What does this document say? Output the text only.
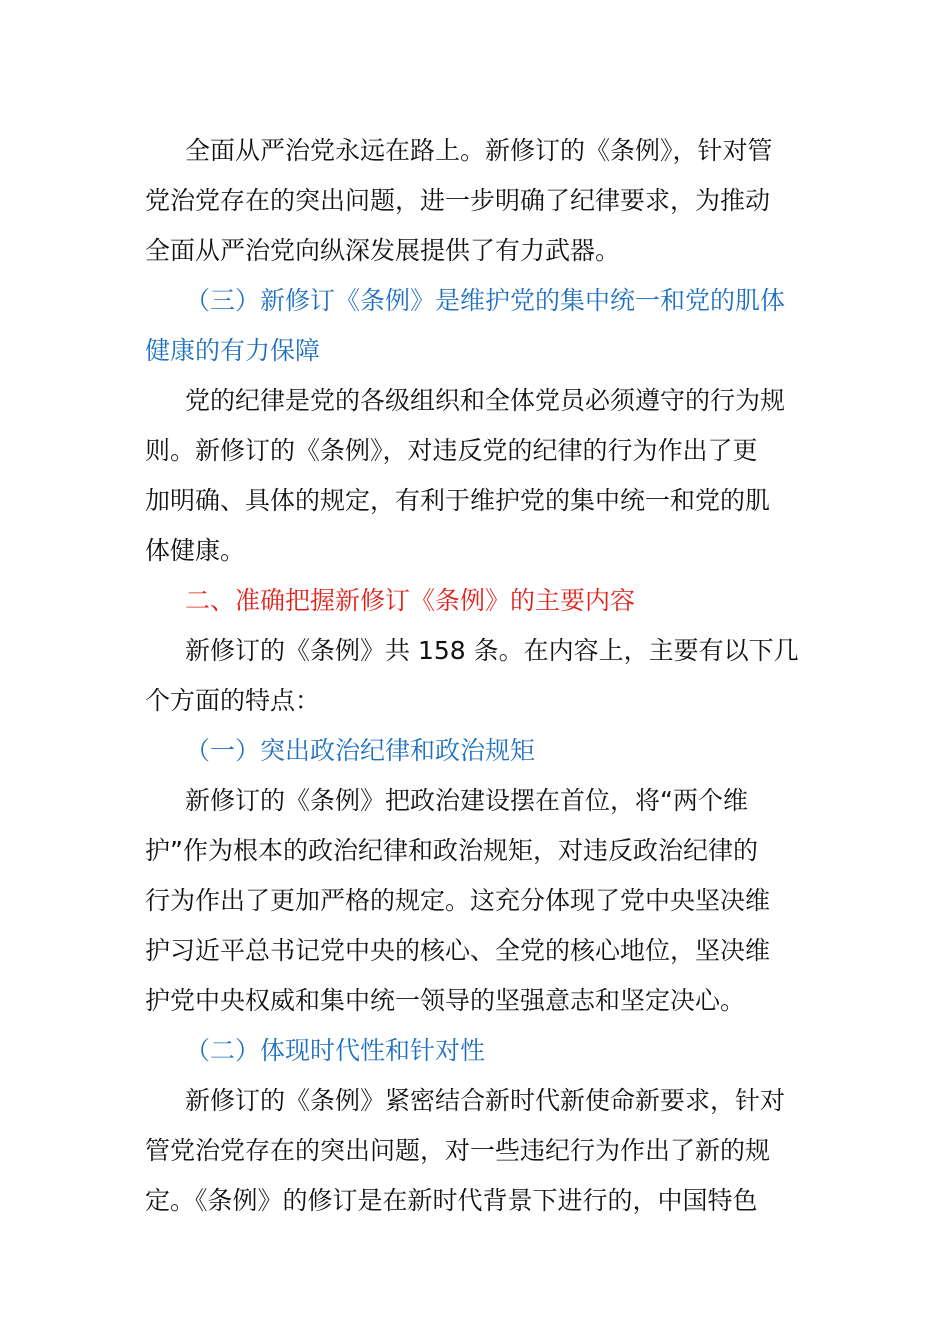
全面从严治党永远在路上。新修订的《条例》，针对管
党治党存在的突出问题，进一步明确了纪律要求，为推动
全面从严治党向纵深发展提供了有力武器。
（三）新修订《条例》是维护党的集中统一和党的肌体
健康的有力保障
党的纪律是党的各级组织和全体党员必须遵守的行为规
则。新修订的《条例》，对违反党的纪律的行为作出了更
加明确、具体的规定，有利于维护党的集中统一和党的肌
体健康。
二、准确把握新修订《条例》的主要内容
新修订的《条例》共 158 条。在内容上，主要有以下几
个方面的特点：
（一）突出政治纪律和政治规矩
新修订的《条例》把政治建设摆在首位，将“两个维
护”作为根本的政治纪律和政治规矩，对违反政治纪律的
行为作出了更加严格的规定。这充分体现了党中央坚决维
护习近平总书记党中央的核心、全党的核心地位，坚决维
护党中央权威和集中统一领导的坚强意志和坚定决心。
（二）体现时代性和针对性
新修订的《条例》紧密结合新时代新使命新要求，针对
管党治党存在的突出问题，对一些违纪行为作出了新的规
定。《条例》的修订是在新时代背景下进行的，中国特色
